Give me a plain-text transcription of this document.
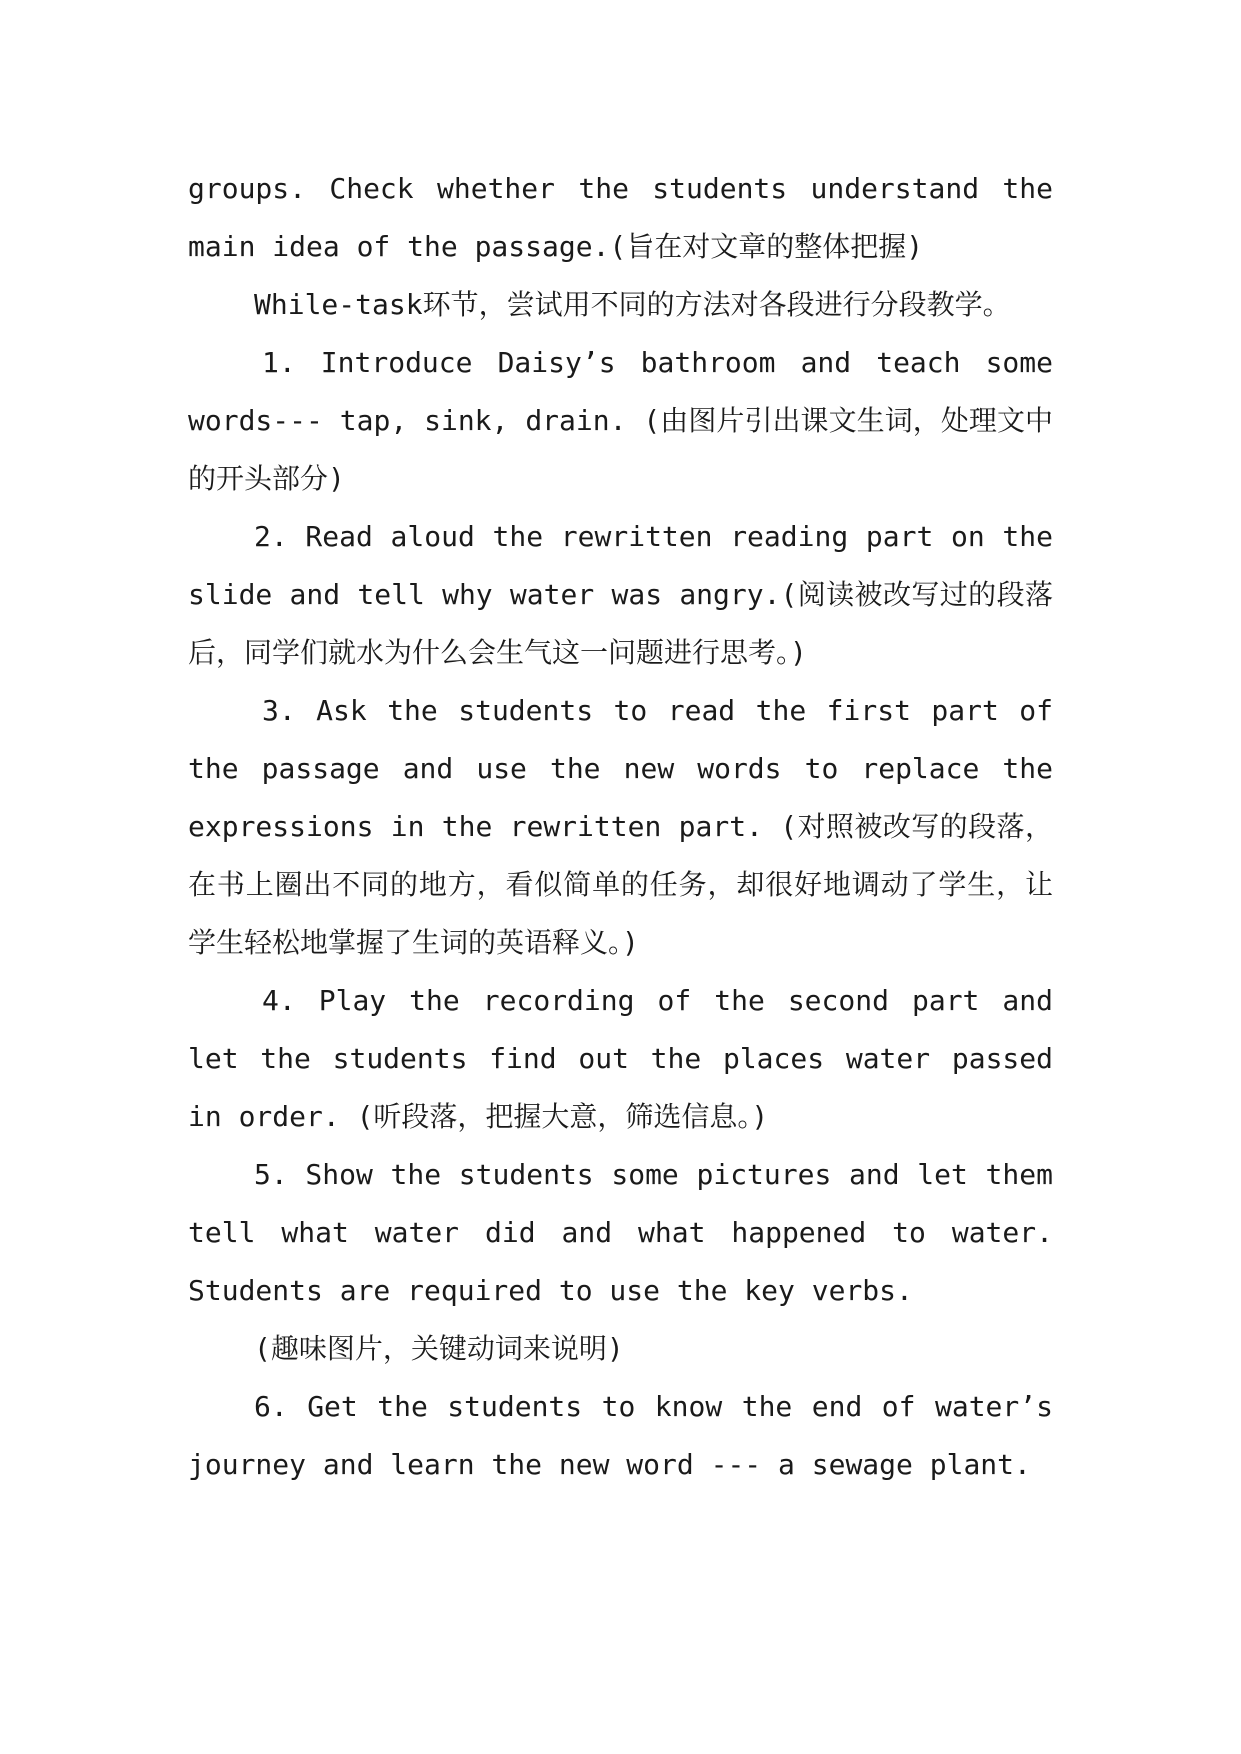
groups. Check whether the students understand the main idea of the passage.(旨在对文章的整体把握)

While-task环节，尝试用不同的方法对各段进行分段教学。

1. Introduce Daisy’s bathroom and teach some words--- tap, sink, drain. (由图片引出课文生词，处理文中的开头部分)

2. Read aloud the rewritten reading part on the slide and tell why water was angry.(阅读被改写过的段落后，同学们就水为什么会生气这一问题进行思考。)

3. Ask the students to read the first part of the passage and use the new words to replace the expressions in the rewritten part. (对照被改写的段落，在书上圈出不同的地方，看似简单的任务，却很好地调动了学生，让学生轻松地掌握了生词的英语释义。)

4. Play the recording of the second part and let the students find out the places water passed in order. (听段落，把握大意，筛选信息。)

5. Show the students some pictures and let them tell what water did and what happened to water. Students are required to use the key verbs.

(趣味图片，关键动词来说明)

6. Get the students to know the end of water’s journey and learn the new word --- a sewage plant.
